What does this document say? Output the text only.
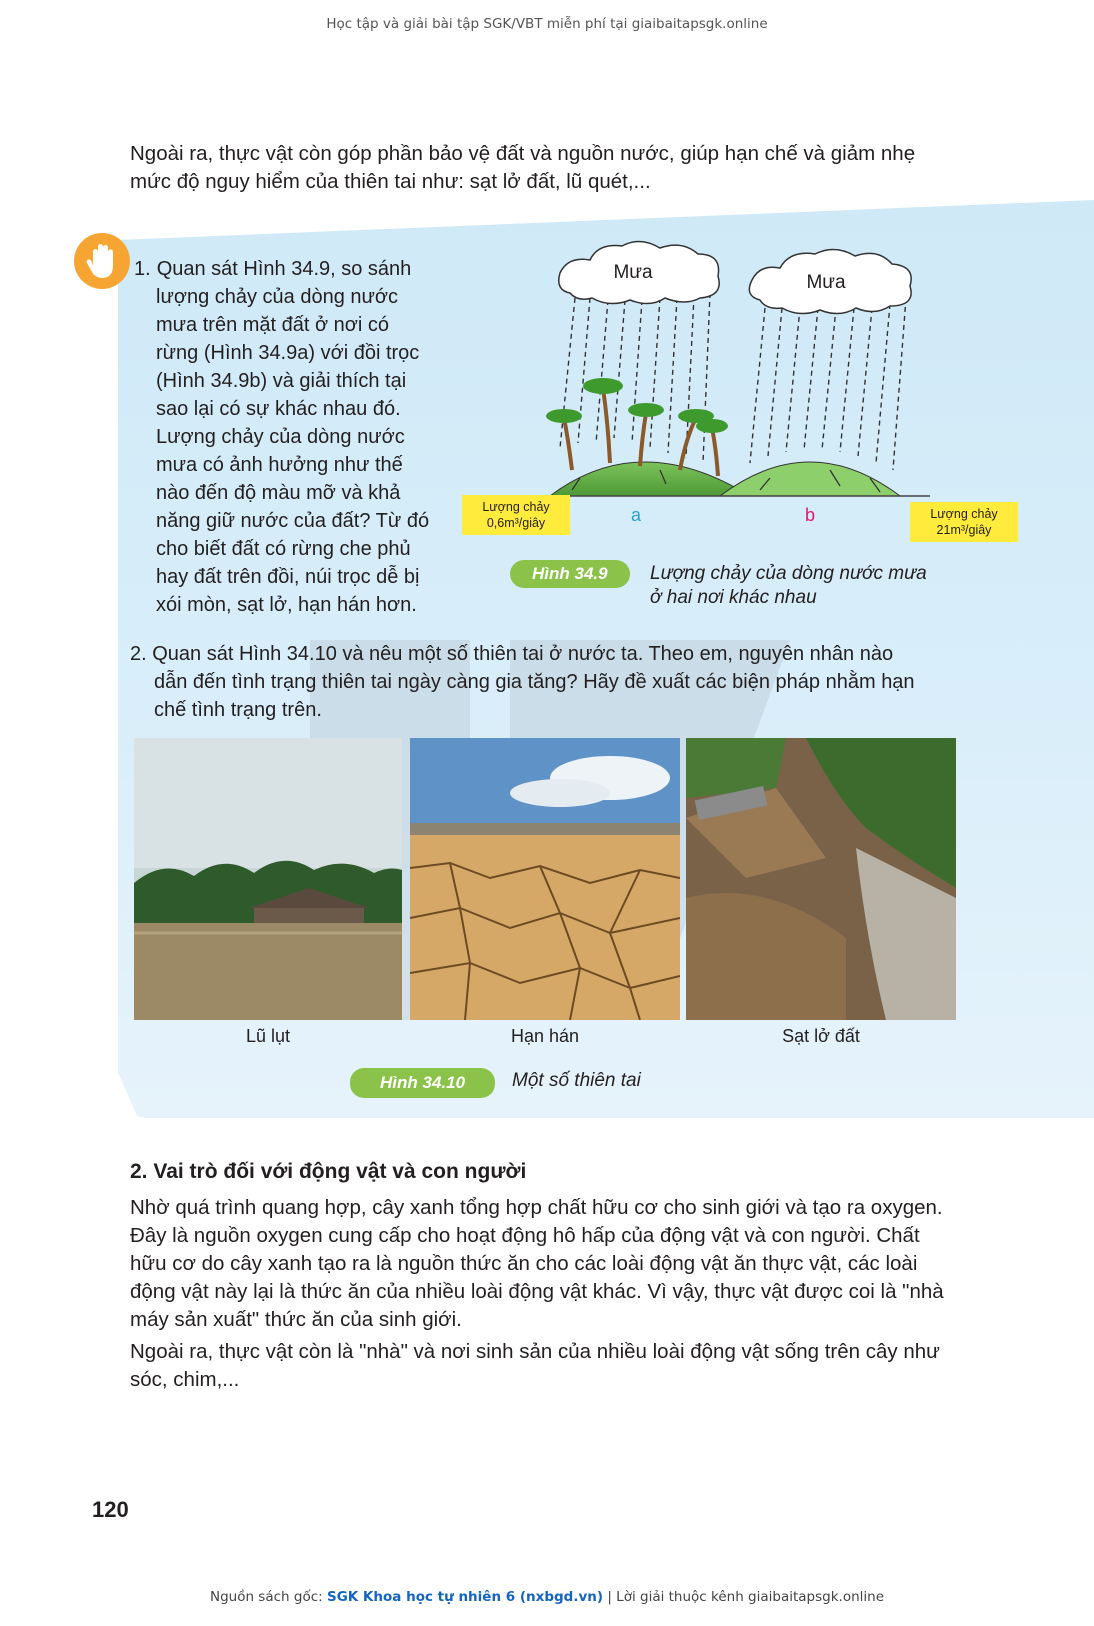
Học tập và giải bài tập SGK/VBT miễn phí tại giaibaitapsgk.online
Ngoài ra, thực vật còn góp phần bảo vệ đất và nguồn nước, giúp hạn chế và giảm nhẹ
mức độ nguy hiểm của thiên tai như: sạt lở đất, lũ quét,...
1. Quan sát Hình 34.9, so sánh
lượng chảy của dòng nước
mưa trên mặt đất ở nơi có
rừng (Hình 34.9a) với đồi trọc
(Hình 34.9b) và giải thích tại
sao lại có sự khác nhau đó.
Lượng chảy của dòng nước
mưa có ảnh hưởng như thế
nào đến độ màu mỡ và khả
năng giữ nước của đất? Từ đó
cho biết đất có rừng che phủ
hay đất trên đồi, núi trọc dễ bị
xói mòn, sạt lở, hạn hán hơn.
Mưa	Mưa
a	b
Lượng chảy
0,6m³/giây
Lượng chảy
21m³/giây
Hình 34.9	Lượng chảy của dòng nước mưa
ở hai nơi khác nhau
2. Quan sát Hình 34.10 và nêu một số thiên tai ở nước ta. Theo em, nguyên nhân nào
dẫn đến tình trạng thiên tai ngày càng gia tăng? Hãy đề xuất các biện pháp nhằm hạn
chế tình trạng trên.
Lũ lụt	Hạn hán	Sạt lở đất
Hình 34.10	Một số thiên tai
2. Vai trò đối với động vật và con người
Nhờ quá trình quang hợp, cây xanh tổng hợp chất hữu cơ cho sinh giới và tạo ra oxygen.
Đây là nguồn oxygen cung cấp cho hoạt động hô hấp của động vật và con người. Chất
hữu cơ do cây xanh tạo ra là nguồn thức ăn cho các loài động vật ăn thực vật, các loài
động vật này lại là thức ăn của nhiều loài động vật khác. Vì vậy, thực vật được coi là "nhà
máy sản xuất" thức ăn của sinh giới.
Ngoài ra, thực vật còn là "nhà" và nơi sinh sản của nhiều loài động vật sống trên cây như
sóc, chim,...
120
Nguồn sách gốc: SGK Khoa học tự nhiên 6 (nxbgd.vn) | Lời giải thuộc kênh giaibaitapsgk.online
